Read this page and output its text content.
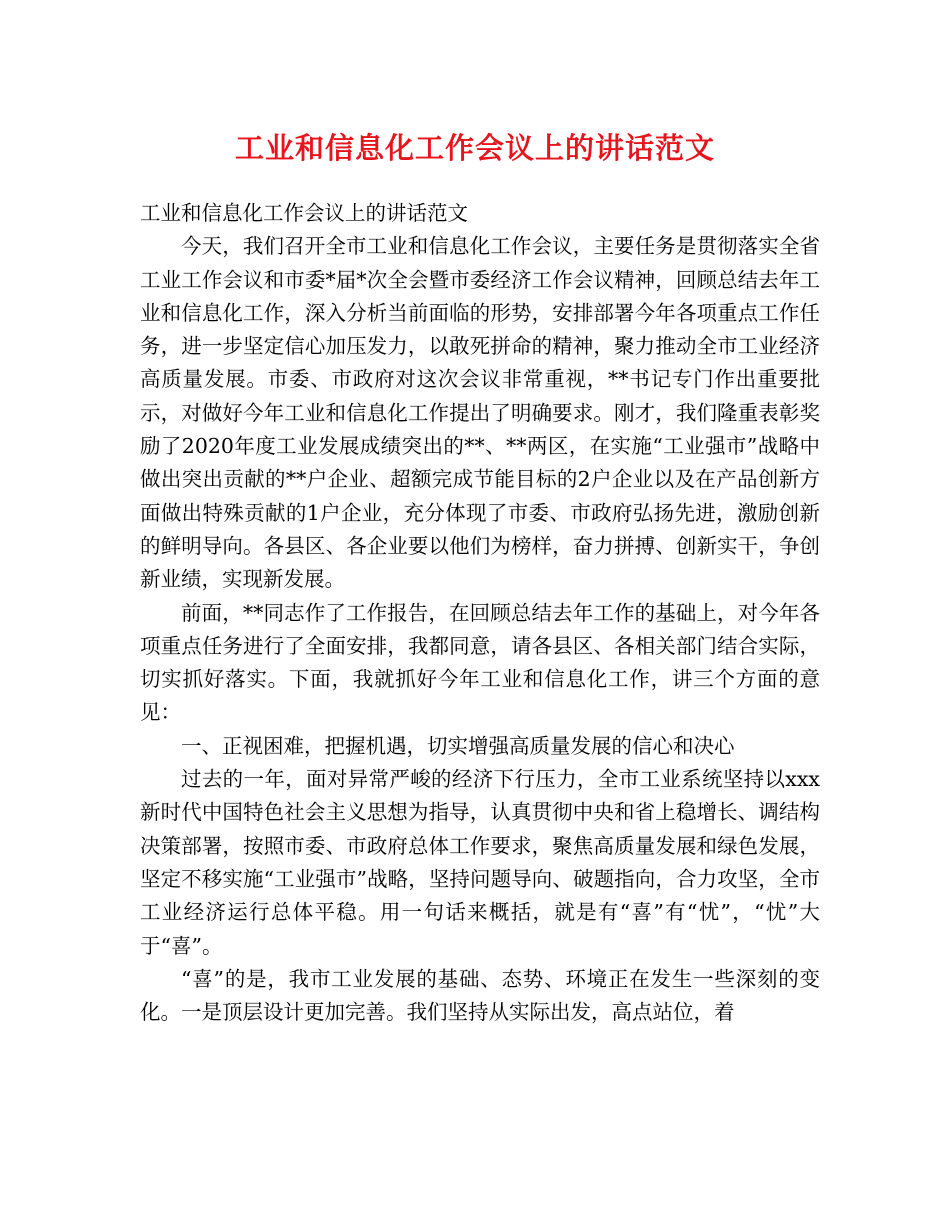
工业和信息化工作会议上的讲话范文

工业和信息化工作会议上的讲话范文

今天，我们召开全市工业和信息化工作会议，主要任务是贯彻落实全省工业工作会议和市委*届*次全会暨市委经济工作会议精神，回顾总结去年工业和信息化工作，深入分析当前面临的形势，安排部署今年各项重点工作任务，进一步坚定信心加压发力，以敢死拼命的精神，聚力推动全市工业经济高质量发展。市委、市政府对这次会议非常重视，**书记专门作出重要批示，对做好今年工业和信息化工作提出了明确要求。刚才，我们隆重表彰奖励了2020年度工业发展成绩突出的**、**两区，在实施“工业强市”战略中做出突出贡献的**户企业、超额完成节能目标的2户企业以及在产品创新方面做出特殊贡献的1户企业，充分体现了市委、市政府弘扬先进，激励创新的鲜明导向。各县区、各企业要以他们为榜样，奋力拼搏、创新实干，争创新业绩，实现新发展。

前面，**同志作了工作报告，在回顾总结去年工作的基础上，对今年各项重点任务进行了全面安排，我都同意，请各县区、各相关部门结合实际，切实抓好落实。下面，我就抓好今年工业和信息化工作，讲三个方面的意见：

一、正视困难，把握机遇，切实增强高质量发展的信心和决心

过去的一年，面对异常严峻的经济下行压力，全市工业系统坚持以xxx新时代中国特色社会主义思想为指导，认真贯彻中央和省上稳增长、调结构决策部署，按照市委、市政府总体工作要求，聚焦高质量发展和绿色发展，坚定不移实施“工业强市”战略，坚持问题导向、破题指向，合力攻坚，全市工业经济运行总体平稳。用一句话来概括，就是有“喜”有“忧”，“忧”大于“喜”。

“喜”的是，我市工业发展的基础、态势、环境正在发生一些深刻的变化。一是顶层设计更加完善。我们坚持从实际出发，高点站位，着
